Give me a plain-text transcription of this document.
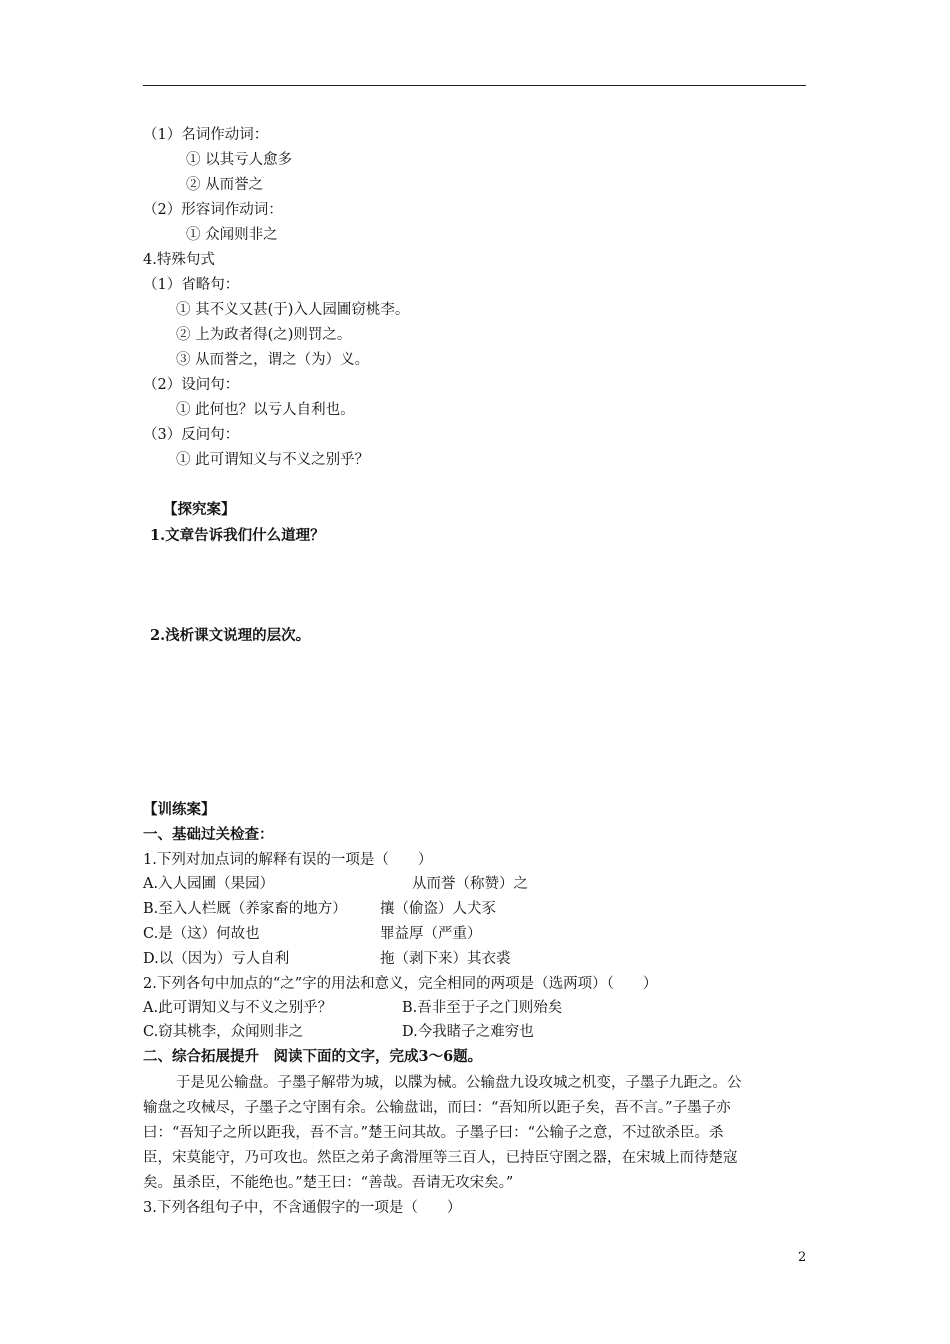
（1）名词作动词：
① 以其亏人愈多
② 从而誉之
（2）形容词作动词：
① 众闻则非之
4.特殊句式
（1）省略句：
① 其不义又甚(于)入人园圃窃桃李。
② 上为政者得(之)则罚之。
③ 从而誉之，谓之（为）义。
（2）设问句：
① 此何也？以亏人自利也。
（3）反问句：
① 此可谓知义与不义之别乎？
【探究案】
1.文章告诉我们什么道理？
2.浅析课文说理的层次。
【训练案】
一、基础过关检查：
1.下列对加点词的解释有误的一项是（　　）
A.入人园圃（果园）	从而誉（称赞）之
B.至入人栏厩（养家畜的地方） 攘（偷盗）人犬豕
C.是（这）何故也	罪益厚（严重）
D.以（因为）亏人自利	拖（剥下来）其衣裘
2.下列各句中加点的“之”字的用法和意义，完全相同的两项是（选两项）（　　）
A.此可谓知义与不义之别乎？	B.吾非至于子之门则殆矣
C.窃其桃李，众闻则非之	D.今我睹子之难穷也
二、综合拓展提升　阅读下面的文字，完成3～6题。
于是见公输盘。子墨子解带为城，以牒为械。公输盘九设攻城之机变，子墨子九距之。公
输盘之攻械尽，子墨子之守圉有余。公输盘诎，而曰：“吾知所以距子矣，吾不言。”子墨子亦
曰：“吾知子之所以距我，吾不言。”楚王问其故。子墨子曰：“公输子之意，不过欲杀臣。杀
臣，宋莫能守，乃可攻也。然臣之弟子禽滑厘等三百人，已持臣守圉之器，在宋城上而待楚寇
矣。虽杀臣，不能绝也。”楚王曰：“善哉。吾请无攻宋矣。”
3.下列各组句子中，不含通假字的一项是（　　）
2
